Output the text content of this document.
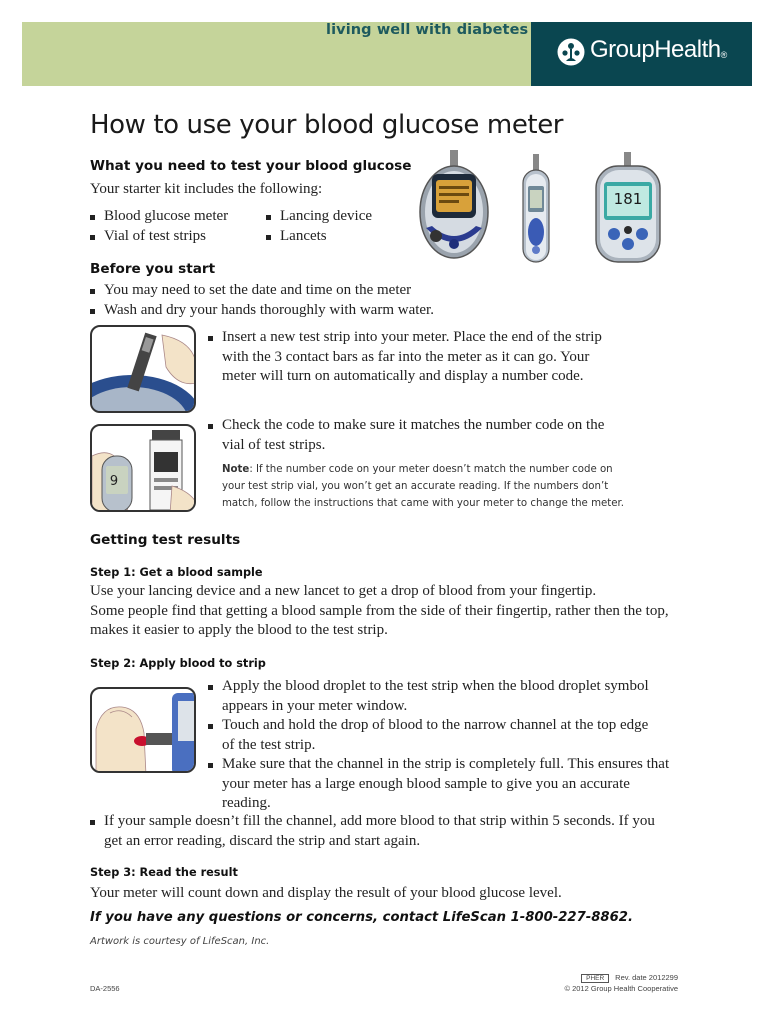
living well with diabetes
GroupHealth®
How to use your blood glucose meter
What you need to test your blood glucose
Your starter kit includes the following:
Blood glucose meter
Vial of test strips
Lancing device
Lancets
181
Before you start
You may need to set the date and time on the meter
Wash and dry your hands thoroughly with warm water.
Insert a new test strip into your meter. Place the end of the strip
with the 3 contact bars as far into the meter as it can go. Your
meter will turn on automatically and display a number code.
9
Check the code to make sure it matches the number code on the
vial of test strips.
Note: If the number code on your meter doesn’t match the number code on
your test strip vial, you won’t get an accurate reading. If the numbers don’t
match, follow the instructions that came with your meter to change the meter.
Getting test results
Step 1: Get a blood sample
Use your lancing device and a new lancet to get a drop of blood from your fingertip.
Some people find that getting a blood sample from the side of their fingertip, rather then the top,
makes it easier to apply the blood to the test strip.
Step 2: Apply blood to strip
Apply the blood droplet to the test strip when the blood droplet symbol
appears in your meter window.
Touch and hold the drop of blood to the narrow channel at the top edge
of the test strip.
Make sure that the channel in the strip is completely full. This ensures that
your meter has a large enough blood sample to give you an accurate
reading.
If your sample doesn’t fill the channel, add more blood to that strip within 5 seconds. If you
get an error reading, discard the strip and start again.
Step 3: Read the result
Your meter will count down and display the result of your blood glucose level.
If you have any questions or concerns, contact LifeScan 1-800-227-8862.
Artwork is courtesy of LifeScan, Inc.
DA-2556
PHER Rev. date 2012299
© 2012 Group Health Cooperative
